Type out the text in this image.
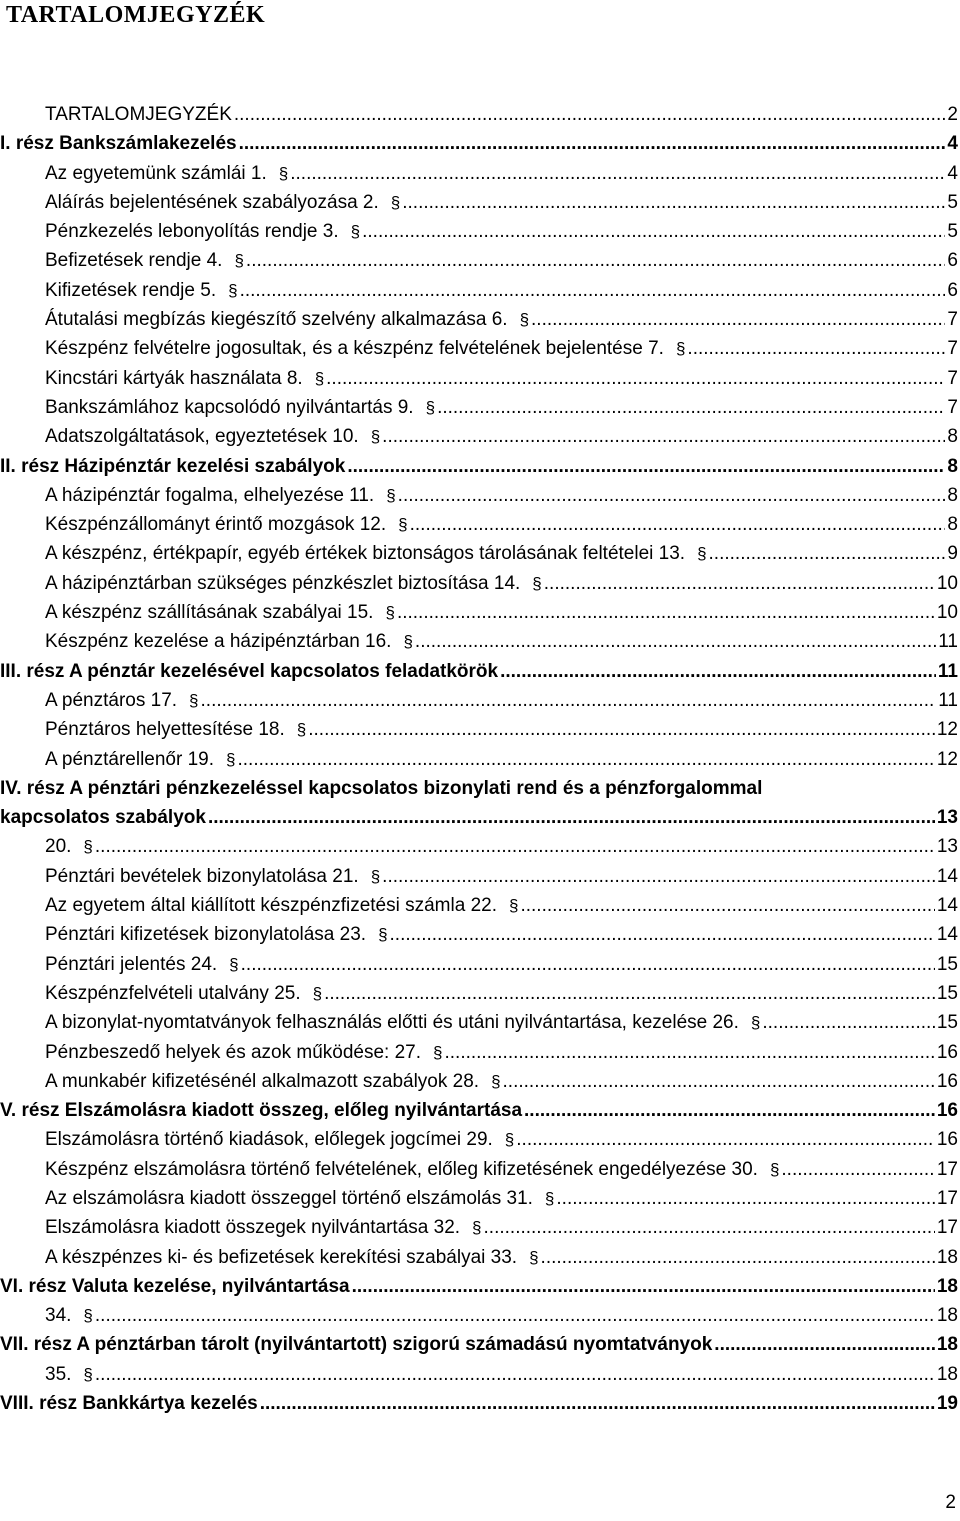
TARTALOMJEGYZÉK
TARTALOMJEGYZÉK .....	2
I. rész Bankszámlakezelés .....	4
Az egyetemünk számlái 1. § .....	4
Aláírás bejelentésének szabályozása 2. § .....	5
Pénzkezelés lebonyolítás rendje 3. § .....	5
Befizetések rendje 4. § .....	6
Kifizetések rendje 5. § .....	6
Átutalási megbízás kiegészítő szelvény alkalmazása 6. § .....	7
Készpénz felvételre jogosultak, és a készpénz felvételének bejelentése 7. § .....	7
Kincstári kártyák használata 8. § .....	7
Bankszámlához kapcsolódó nyilvántartás 9. § .....	7
Adatszolgáltatások, egyeztetések 10. § .....	8
II. rész Házipénztár kezelési szabályok .....	8
A házipénztár fogalma, elhelyezése 11. § .....	8
Készpénzállományt érintő mozgások 12. § .....	8
A készpénz, értékpapír, egyéb értékek biztonságos tárolásának feltételei 13. § .....	9
A házipénztárban szükséges pénzkészlet biztosítása 14. § .....	10
A készpénz szállításának szabályai 15. § .....	10
Készpénz kezelése a házipénztárban 16. § .....	11
III. rész A pénztár kezelésével kapcsolatos feladatkörök .....	11
A pénztáros 17. § .....	11
Pénztáros helyettesítése 18. § .....	12
A pénztárellenőr 19. § .....	12
IV. rész A pénztári pénzkezeléssel kapcsolatos bizonylati rend és a pénzforgalommal
kapcsolatos szabályok .....	13
20. § .....	13
Pénztári bevételek bizonylatolása 21. § .....	14
Az egyetem által kiállított készpénzfizetési számla 22. § .....	14
Pénztári kifizetések bizonylatolása 23. § .....	14
Pénztári jelentés 24. § .....	15
Készpénzfelvételi utalvány 25. § .....	15
A bizonylat-nyomtatványok felhasználás előtti és utáni nyilvántartása, kezelése 26. § .....	15
Pénzbeszedő helyek és azok működése: 27. § .....	16
A munkabér kifizetésénél alkalmazott szabályok 28. § .....	16
V. rész Elszámolásra kiadott összeg, előleg nyilvántartása .....	16
Elszámolásra történő kiadások, előlegek jogcímei 29. § .....	16
Készpénz elszámolásra történő felvételének, előleg kifizetésének engedélyezése 30. § .....	17
Az elszámolásra kiadott összeggel történő elszámolás 31. § .....	17
Elszámolásra kiadott összegek nyilvántartása 32. § .....	17
A készpénzes ki- és befizetések kerekítési szabályai 33. § .....	18
VI. rész Valuta kezelése, nyilvántartása .....	18
34. § .....	18
VII. rész A pénztárban tárolt (nyilvántartott) szigorú számadású nyomtatványok .....	18
35. § .....	18
VIII. rész Bankkártya kezelés .....	19
2
